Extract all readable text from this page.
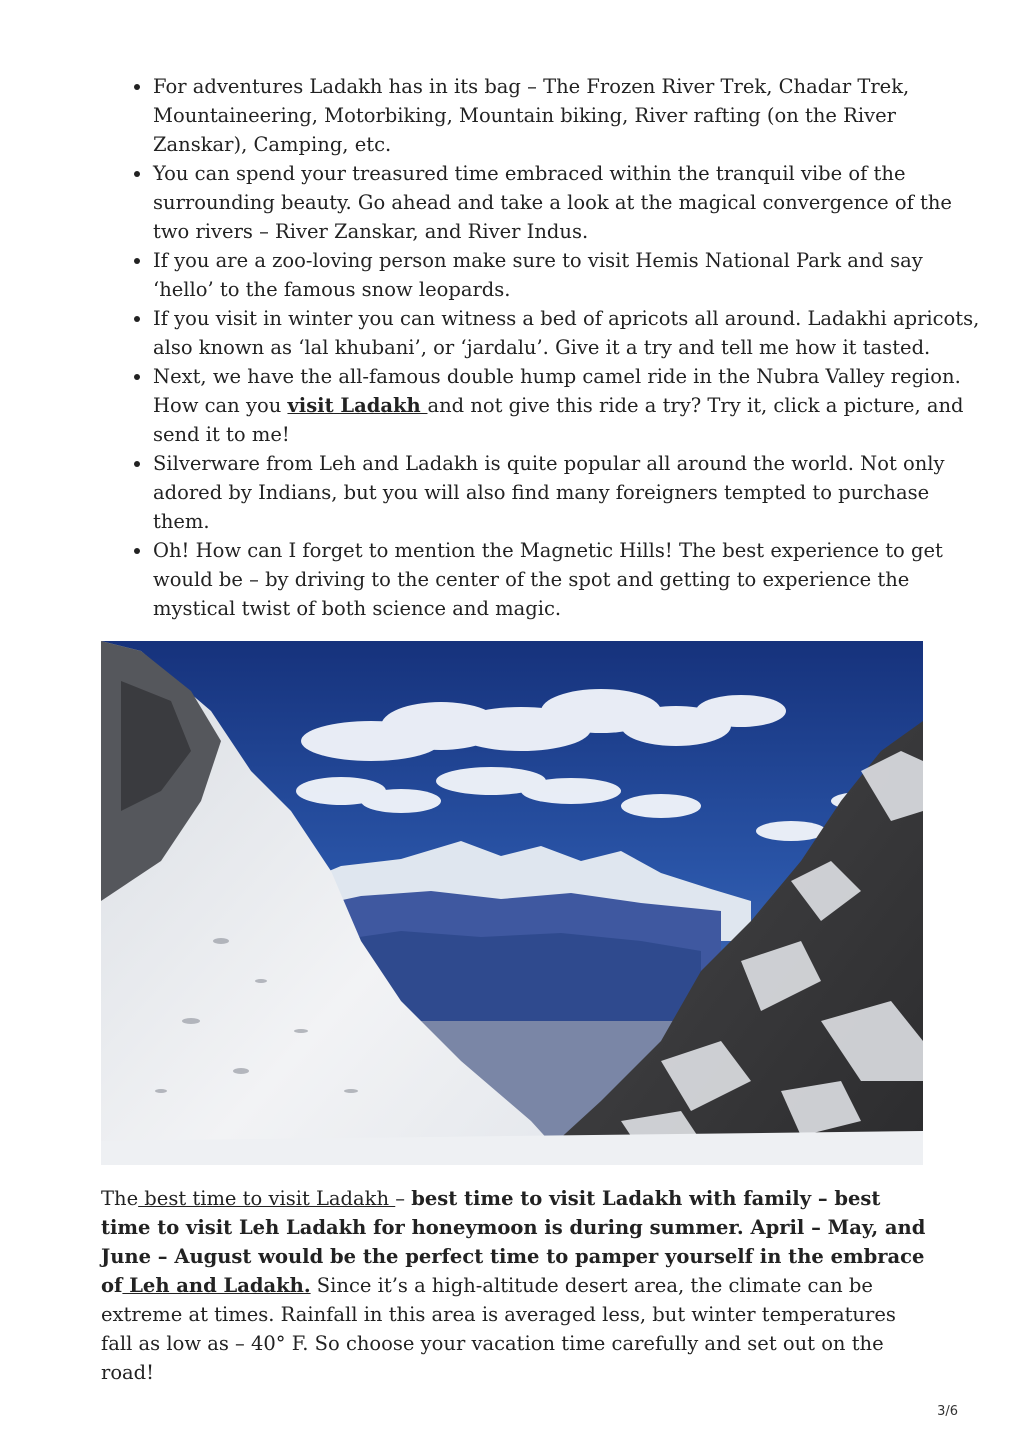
For adventures Ladakh has in its bag – The Frozen River Trek, Chadar Trek, Mountaineering, Motorbiking, Mountain biking, River rafting (on the River Zanskar), Camping, etc.
You can spend your treasured time embraced within the tranquil vibe of the surrounding beauty. Go ahead and take a look at the magical convergence of the two rivers – River Zanskar, and River Indus.
If you are a zoo-loving person make sure to visit Hemis National Park and say ‘hello’ to the famous snow leopards.
If you visit in winter you can witness a bed of apricots all around. Ladakhi apricots, also known as ‘lal khubani’, or ‘jardalu’. Give it a try and tell me how it tasted.
Next, we have the all-famous double hump camel ride in the Nubra Valley region. How can you visit Ladakh and not give this ride a try? Try it, click a picture, and send it to me!
Silverware from Leh and Ladakh is quite popular all around the world. Not only adored by Indians, but you will also find many foreigners tempted to purchase them.
Oh! How can I forget to mention the Magnetic Hills! The best experience to get would be – by driving to the center of the spot and getting to experience the mystical twist of both science and magic.

The best time to visit Ladakh – best time to visit Ladakh with family – best time to visit Leh Ladakh for honeymoon is during summer. April – May, and June – August would be the perfect time to pamper yourself in the embrace of Leh and Ladakh. Since it’s a high-altitude desert area, the climate can be extreme at times. Rainfall in this area is averaged less, but winter temperatures fall as low as – 40° F. So choose your vacation time carefully and set out on the road!

3/6
